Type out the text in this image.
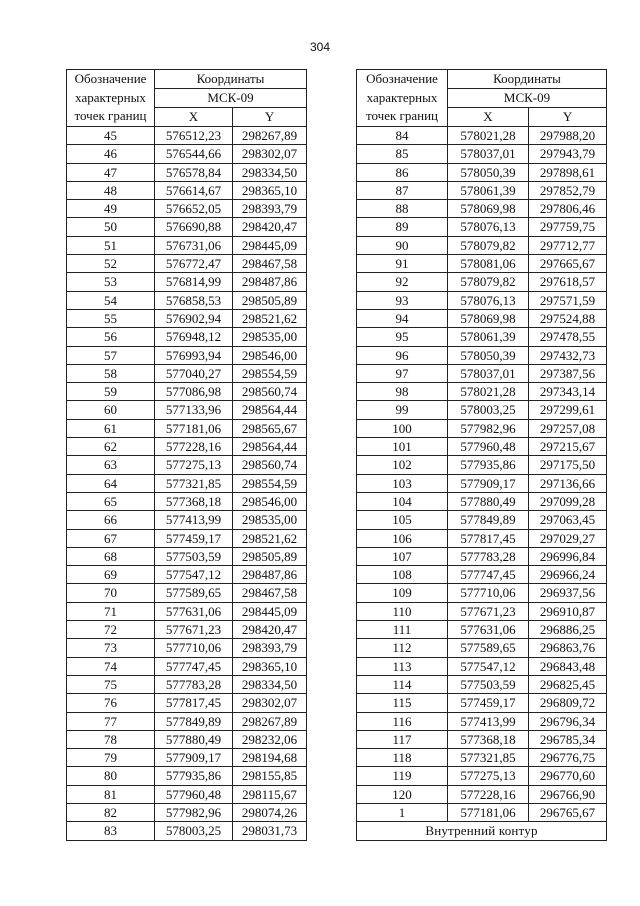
304
Обозначение
характерных
точек границ	Координаты	

	МСК-09	
	X	Y
45	576512,23	298267,89
46	576544,66	298302,07
47	576578,84	298334,50
48	576614,67	298365,10
49	576652,05	298393,79
50	576690,88	298420,47
51	576731,06	298445,09
52	576772,47	298467,58
53	576814,99	298487,86
54	576858,53	298505,89
55	576902,94	298521,62
56	576948,12	298535,00
57	576993,94	298546,00
58	577040,27	298554,59
59	577086,98	298560,74
60	577133,96	298564,44
61	577181,06	298565,67
62	577228,16	298564,44
63	577275,13	298560,74
64	577321,85	298554,59
65	577368,18	298546,00
66	577413,99	298535,00
67	577459,17	298521,62
68	577503,59	298505,89
69	577547,12	298487,86
70	577589,65	298467,58
71	577631,06	298445,09
72	577671,23	298420,47
73	577710,06	298393,79
74	577747,45	298365,10
75	577783,28	298334,50
76	577817,45	298302,07
77	577849,89	298267,89
78	577880,49	298232,06
79	577909,17	298194,68
80	577935,86	298155,85
81	577960,48	298115,67
82	577982,96	298074,26
83	578003,25	298031,73
Обозначение
характерных
точек границ	Координаты	

	МСК-09	
	X	Y
84	578021,28	297988,20
85	578037,01	297943,79
86	578050,39	297898,61
87	578061,39	297852,79
88	578069,98	297806,46
89	578076,13	297759,75
90	578079,82	297712,77
91	578081,06	297665,67
92	578079,82	297618,57
93	578076,13	297571,59
94	578069,98	297524,88
95	578061,39	297478,55
96	578050,39	297432,73
97	578037,01	297387,56
98	578021,28	297343,14
99	578003,25	297299,61
100	577982,96	297257,08
101	577960,48	297215,67
102	577935,86	297175,50
103	577909,17	297136,66
104	577880,49	297099,28
105	577849,89	297063,45
106	577817,45	297029,27
107	577783,28	296996,84
108	577747,45	296966,24
109	577710,06	296937,56
110	577671,23	296910,87
111	577631,06	296886,25
112	577589,65	296863,76
113	577547,12	296843,48
114	577503,59	296825,45
115	577459,17	296809,72
116	577413,99	296796,34
117	577368,18	296785,34
118	577321,85	296776,75
119	577275,13	296770,60
120	577228,16	296766,90
1	577181,06	296765,67
Внутренний контур		
